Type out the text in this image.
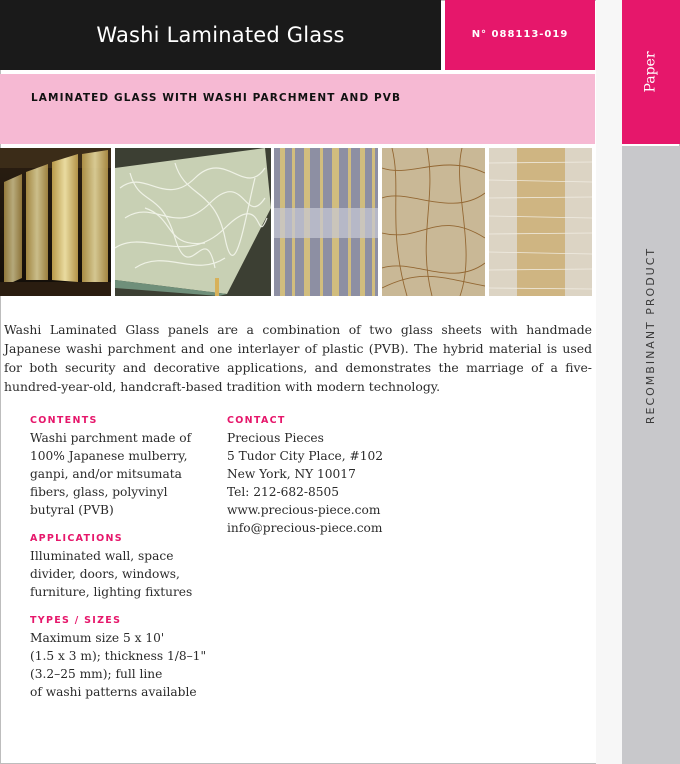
Washi Laminated Glass	N° 088113-019
LAMINATED GLASS WITH WASHI PARCHMENT AND PVB
Paper
RECOMBINANT PRODUCT

Washi Laminated Glass panels are a combination of two glass sheets with handmade Japanese washi parchment and one interlayer of plastic (PVB). The hybrid material is used for both security and decorative applications, and demonstrates the marriage of a five-hundred-year-old, handcraft-based tradition with modern technology.

CONTENTS
Washi parchment made of
100% Japanese mulberry,
ganpi, and/or mitsumata
fibers, glass, polyvinyl
butyral (PVB)
APPLICATIONS
Illuminated wall, space
divider, doors, windows,
furniture, lighting fixtures
TYPES / SIZES
Maximum size 5 x 10'
(1.5 x 3 m); thickness 1/8–1"
(3.2–25 mm); full line
of washi patterns available
CONTACT
Precious Pieces
5 Tudor City Place, #102
New York, NY 10017
Tel: 212-682-8505
www.precious-piece.com
info@precious-piece.com
